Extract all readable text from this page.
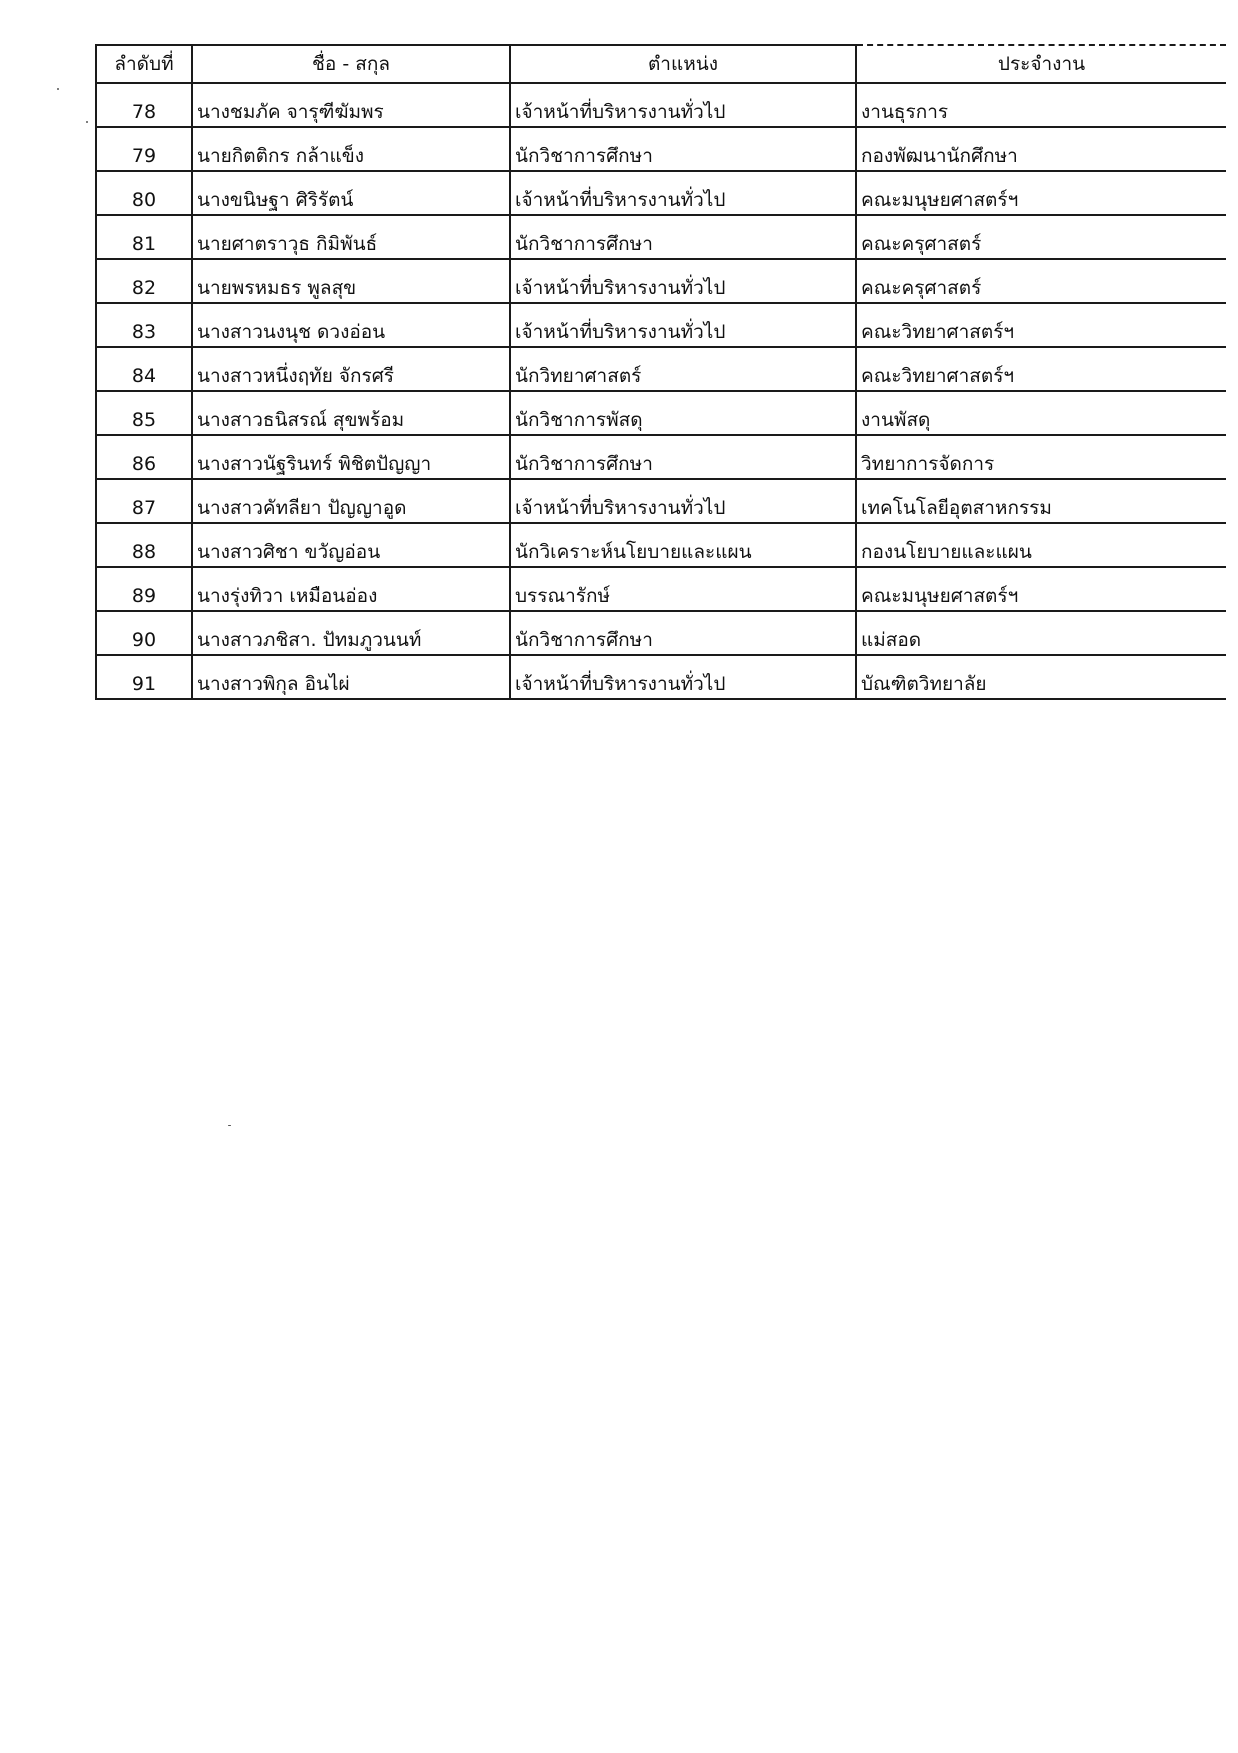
ลำดับที่	ชื่อ - สกุล	ตำแหน่ง	ประจำงาน
78	นางชมภัค จารุฑีฆัมพร	เจ้าหน้าที่บริหารงานทั่วไป	งานธุรการ
79	นายกิตติกร กล้าแข็ง	นักวิชาการศึกษา	กองพัฒนานักศึกษา
80	นางขนิษฐา ศิริรัตน์	เจ้าหน้าที่บริหารงานทั่วไป	คณะมนุษยศาสตร์ฯ
81	นายศาตราวุธ กิมิพันธ์	นักวิชาการศึกษา	คณะครุศาสตร์
82	นายพรหมธร พูลสุข	เจ้าหน้าที่บริหารงานทั่วไป	คณะครุศาสตร์
83	นางสาวนงนุช ดวงอ่อน	เจ้าหน้าที่บริหารงานทั่วไป	คณะวิทยาศาสตร์ฯ
84	นางสาวหนึ่งฤทัย จักรศรี	นักวิทยาศาสตร์	คณะวิทยาศาสตร์ฯ
85	นางสาวธนิสรณ์ สุขพร้อม	นักวิชาการพัสดุ	งานพัสดุ
86	นางสาวนัฐรินทร์ พิชิตปัญญา	นักวิชาการศึกษา	วิทยาการจัดการ
87	นางสาวคัทลียา ปัญญาอูด	เจ้าหน้าที่บริหารงานทั่วไป	เทคโนโลยีอุตสาหกรรม
88	นางสาวศิชา ขวัญอ่อน	นักวิเคราะห์นโยบายและแผน	กองนโยบายและแผน
89	นางรุ่งทิวา เหมือนอ่อง	บรรณารักษ์	คณะมนุษยศาสตร์ฯ
90	นางสาวภชิสา. ปัทมภูวนนท์	นักวิชาการศึกษา	แม่สอด
91	นางสาวพิกุล อินไผ่	เจ้าหน้าที่บริหารงานทั่วไป	บัณฑิตวิทยาลัย
